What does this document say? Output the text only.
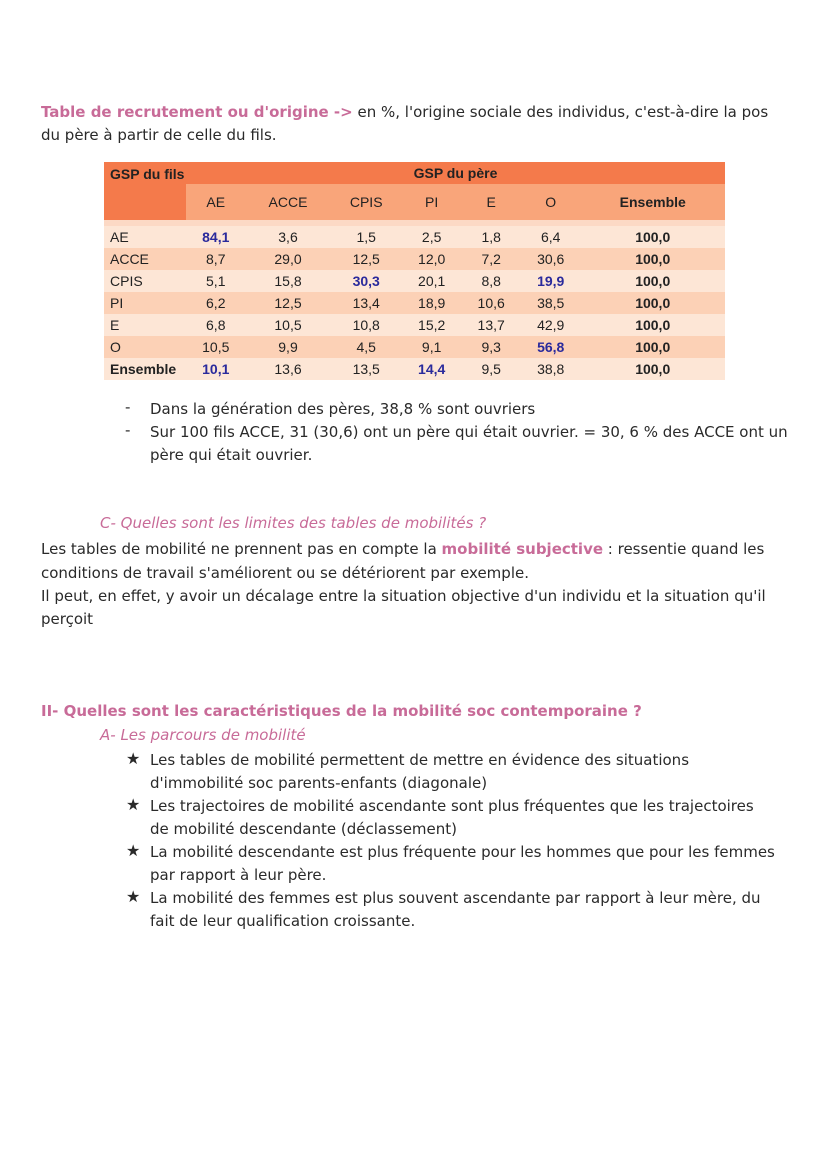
Table de recrutement ou d'origine -> en %, l'origine sociale des individus, c'est-à-dire la pos
du père à partir de celle du fils.
GSP du fils	GSP du père						
	AE	ACCE	CPIS	PI	E	O	Ensemble

AE	84,1	3,6	1,5	2,5	1,8	6,4	100,0
ACCE	8,7	29,0	12,5	12,0	7,2	30,6	100,0
CPIS	5,1	15,8	30,3	20,1	8,8	19,9	100,0
PI	6,2	12,5	13,4	18,9	10,6	38,5	100,0
E	6,8	10,5	10,8	15,2	13,7	42,9	100,0
O	10,5	9,9	4,5	9,1	9,3	56,8	100,0
Ensemble	10,1	13,6	13,5	14,4	9,5	38,8	100,0
- Dans la génération des pères, 38,8 % sont ouvriers
- Sur 100 fils ACCE, 31 (30,6) ont un père qui était ouvrier. = 30, 6 % des ACCE ont un
père qui était ouvrier.
C- Quelles sont les limites des tables de mobilités ?
Les tables de mobilité ne prennent pas en compte la mobilité subjective : ressentie quand les
conditions de travail s'améliorent ou se détériorent par exemple.
Il peut, en effet, y avoir un décalage entre la situation objective d'un individu et la situation qu'il
perçoit
II- Quelles sont les caractéristiques de la mobilité soc contemporaine ?
A- Les parcours de mobilité
★ Les tables de mobilité permettent de mettre en évidence des situations
d'immobilité soc parents-enfants (diagonale)
★ Les trajectoires de mobilité ascendante sont plus fréquentes que les trajectoires
de mobilité descendante (déclassement)
★ La mobilité descendante est plus fréquente pour les hommes que pour les femmes
par rapport à leur père.
★ La mobilité des femmes est plus souvent ascendante par rapport à leur mère, du
fait de leur qualification croissante.
